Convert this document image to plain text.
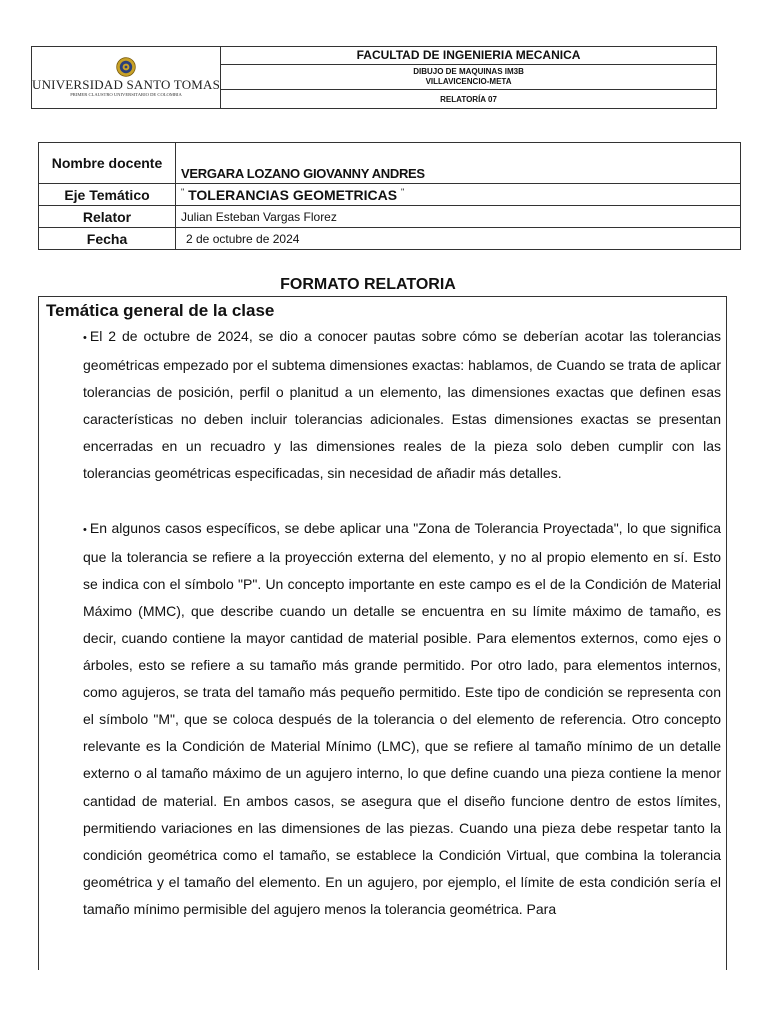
UNIVERSIDAD SANTO TOMAS
PRIMER CLAUSTRO UNIVERSITARIO DE COLOMBIA
	FACULTAD DE INGENIERIA MECANICA

DIBUJO DE MAQUINAS IM3B
VILLAVICENCIO-META

RELATORÍA 07
Nombre docente	VERGARA LOZANO GIOVANNY ANDRES
Eje Temático	" TOLERANCIAS GEOMETRICAS "
Relator	Julian Esteban Vargas Florez
Fecha	2 de octubre de 2024
FORMATO RELATORIA
Temática general de la clase

• El 2 de octubre de 2024, se dio a conocer pautas sobre cómo se deberían acotar las tolerancias geométricas empezado por el subtema dimensiones exactas: hablamos, de Cuando se trata de aplicar tolerancias de posición, perfil o planitud a un elemento, las dimensiones exactas que definen esas características no deben incluir tolerancias adicionales. Estas dimensiones exactas se presentan encerradas en un recuadro y las dimensiones reales de la pieza solo deben cumplir con las tolerancias geométricas especificadas, sin necesidad de añadir más detalles.

• En algunos casos específicos, se debe aplicar una "Zona de Tolerancia Proyectada", lo que significa que la tolerancia se refiere a la proyección externa del elemento, y no al propio elemento en sí. Esto se indica con el símbolo "P". Un concepto importante en este campo es el de la Condición de Material Máximo (MMC), que describe cuando un detalle se encuentra en su límite máximo de tamaño, es decir, cuando contiene la mayor cantidad de material posible. Para elementos externos, como ejes o árboles, esto se refiere a su tamaño más grande permitido. Por otro lado, para elementos internos, como agujeros, se trata del tamaño más pequeño permitido. Este tipo de condición se representa con el símbolo "M", que se coloca después de la tolerancia o del elemento de referencia. Otro concepto relevante es la Condición de Material Mínimo (LMC), que se refiere al tamaño mínimo de un detalle externo o al tamaño máximo de un agujero interno, lo que define cuando una pieza contiene la menor cantidad de material. En ambos casos, se asegura que el diseño funcione dentro de estos límites, permitiendo variaciones en las dimensiones de las piezas. Cuando una pieza debe respetar tanto la condición geométrica como el tamaño, se establece la Condición Virtual, que combina la tolerancia geométrica y el tamaño del elemento. En un agujero, por ejemplo, el límite de esta condición sería el tamaño mínimo permisible del agujero menos la tolerancia geométrica. Para
